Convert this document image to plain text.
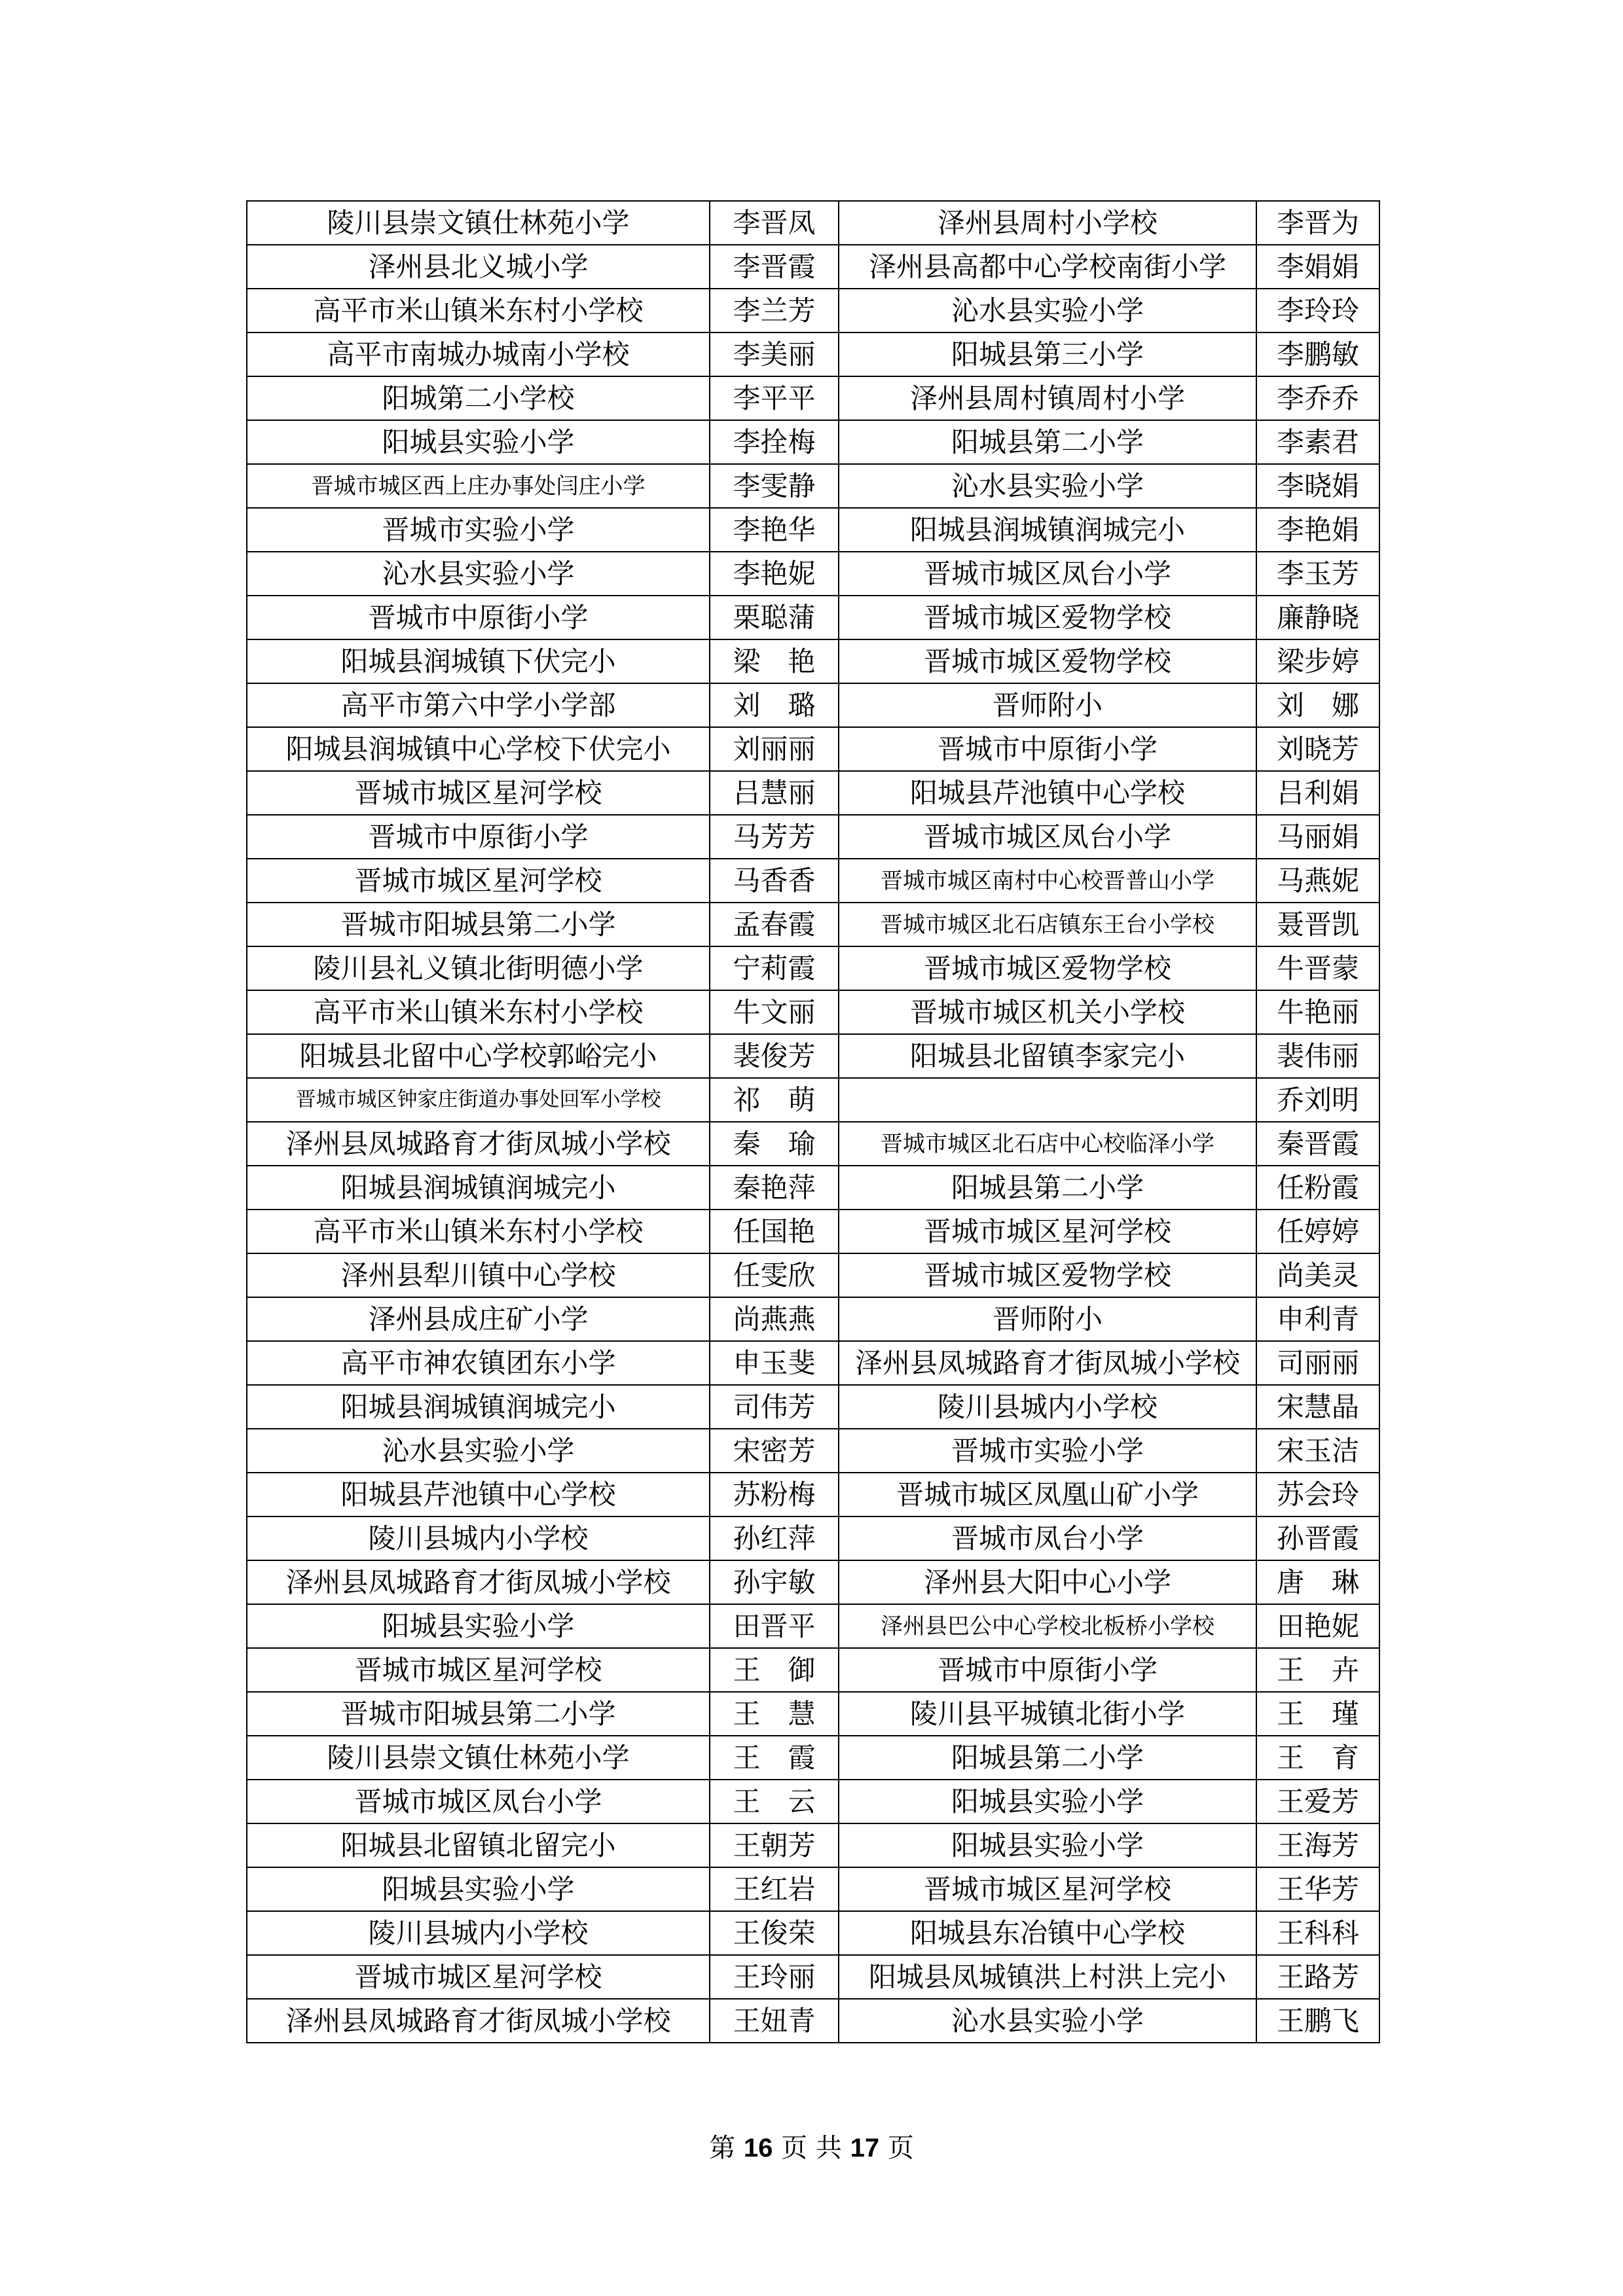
陵川县崇文镇仕林苑小学	李晋凤	泽州县周村小学校	李晋为
泽州县北义城小学	李晋霞	泽州县高都中心学校南街小学	李娟娟
高平市米山镇米东村小学校	李兰芳	沁水县实验小学	李玲玲
高平市南城办城南小学校	李美丽	阳城县第三小学	李鹏敏
阳城第二小学校	李平平	泽州县周村镇周村小学	李乔乔
阳城县实验小学	李拴梅	阳城县第二小学	李素君
晋城市城区西上庄办事处闫庄小学	李雯静	沁水县实验小学	李晓娟
晋城市实验小学	李艳华	阳城县润城镇润城完小	李艳娟
沁水县实验小学	李艳妮	晋城市城区凤台小学	李玉芳
晋城市中原街小学	栗聪蒲	晋城市城区爱物学校	廉静晓
阳城县润城镇下伏完小	梁　艳	晋城市城区爱物学校	梁步婷
高平市第六中学小学部	刘　璐	晋师附小	刘　娜
阳城县润城镇中心学校下伏完小	刘丽丽	晋城市中原街小学	刘晓芳
晋城市城区星河学校	吕慧丽	阳城县芹池镇中心学校	吕利娟
晋城市中原街小学	马芳芳	晋城市城区凤台小学	马丽娟
晋城市城区星河学校	马香香	晋城市城区南村中心校晋普山小学	马燕妮
晋城市阳城县第二小学	孟春霞	晋城市城区北石店镇东王台小学校	聂晋凯
陵川县礼义镇北街明德小学	宁莉霞	晋城市城区爱物学校	牛晋蒙
高平市米山镇米东村小学校	牛文丽	晋城市城区机关小学校	牛艳丽
阳城县北留中心学校郭峪完小	裴俊芳	阳城县北留镇李家完小	裴伟丽
晋城市城区钟家庄街道办事处回军小学校	祁　萌		乔刘明
泽州县凤城路育才街凤城小学校	秦　瑜	晋城市城区北石店中心校临泽小学	秦晋霞
阳城县润城镇润城完小	秦艳萍	阳城县第二小学	任粉霞
高平市米山镇米东村小学校	任国艳	晋城市城区星河学校	任婷婷
泽州县犁川镇中心学校	任雯欣	晋城市城区爱物学校	尚美灵
泽州县成庄矿小学	尚燕燕	晋师附小	申利青
高平市神农镇团东小学	申玉斐	泽州县凤城路育才街凤城小学校	司丽丽
阳城县润城镇润城完小	司伟芳	陵川县城内小学校	宋慧晶
沁水县实验小学	宋密芳	晋城市实验小学	宋玉洁
阳城县芹池镇中心学校	苏粉梅	晋城市城区凤凰山矿小学	苏会玲
陵川县城内小学校	孙红萍	晋城市凤台小学	孙晋霞
泽州县凤城路育才街凤城小学校	孙宇敏	泽州县大阳中心小学	唐　琳
阳城县实验小学	田晋平	泽州县巴公中心学校北板桥小学校	田艳妮
晋城市城区星河学校	王　御	晋城市中原街小学	王　卉
晋城市阳城县第二小学	王　慧	陵川县平城镇北街小学	王　瑾
陵川县崇文镇仕林苑小学	王　霞	阳城县第二小学	王　育
晋城市城区凤台小学	王　云	阳城县实验小学	王爱芳
阳城县北留镇北留完小	王朝芳	阳城县实验小学	王海芳
阳城县实验小学	王红岩	晋城市城区星河学校	王华芳
陵川县城内小学校	王俊荣	阳城县东冶镇中心学校	王科科
晋城市城区星河学校	王玲丽	阳城县凤城镇洪上村洪上完小	王路芳
泽州县凤城路育才街凤城小学校	王妞青	沁水县实验小学	王鹏飞
第 16 页 共 17 页
